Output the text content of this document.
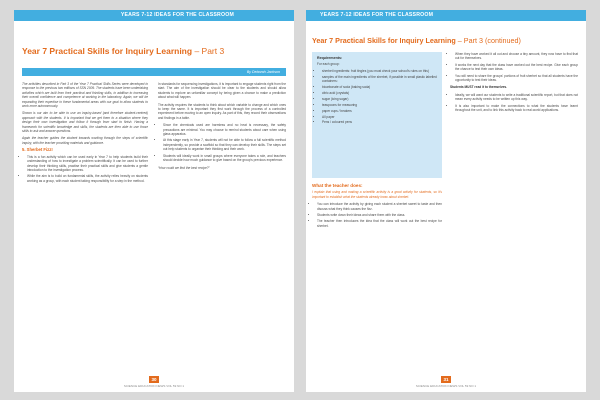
YEARS 7-12 IDEAS FOR THE CLASSROOM
Year 7 Practical Skills for Inquiry Learning – Part 3
By Deborah Jackson

The activities described in Part 3 of the Year 7 Practical Skills Series were developed in response to the previous two editions of SSN 2009. The students have been undertaking activities which are built from their practical and thinking skills, in addition to increasing their overall confidence and competence at working in the laboratory. Again, we will be expanding their expertise in these fundamental areas with our goal to allow students to work more autonomously.

Shown is our aim to be able to use an inquiry-based (and therefore student-centred) approach with the students. It is important that we get them to a situation where they design their own investigation and follow it through from start to finish. Having a framework for scientific knowledge and skills, the students are then able to use those skills to ask and answer questions.

Again the teacher guides the student towards working through the steps of scientific inquiry, with the teacher providing materials and guidance.

5. Sherbet Fizz!
• This is a fun activity which can be used early in Year 7 to help students build their understanding of how to investigate a problem scientifically. It can be used to further develop their thinking skills, practise their practical skills and give students a gentle introduction to the investigation process.
• While the aim is to build on fundamental skills, the activity relies heavily on students working as a group, with each student taking responsibility for a step in the method.

In standards for sequencing investigations, it is important to engage students right from the start. The aim of the investigation should be clear to the students and should allow students to explore an unfamiliar concept by being given a chance to make a prediction about what will happen.

The activity requires the students to think about which variable to change and which ones to keep the same. It is important they first work through the process of a controlled experiment before moving to an open inquiry. As part of this, they record their observations and findings in a table.

• Since the chemicals used are harmless and no heat is necessary, the safety precautions are minimal. You may choose to remind students about care when using glass apparatus.
• At this stage early in Year 7, students will not be able to follow a full scientific method independently, so provide a scaffold so that they can develop their skills. The steps set out help students to organise their thinking and their work.
• Students will ideally work in small groups where everyone takes a role, and teachers should decide how much guidance to give based on the group's previous experience.

“How could we find the best recipe?”

30
SCIENCE EDUCATION NEWS VOL 59 NO 1
YEARS 7-12 IDEAS FOR THE CLASSROOM
Year 7 Practical Skills for Inquiry Learning – Part 3 (continued)
Requirements:

For each group:

• sherbet ingredients: fruit tingles (you must check your school's rules on this)
• samples of the main ingredients of the sherbet, if possible in small plastic labelled containers:
• bicarbonate of soda (baking soda)
• citric acid (crystals)
• sugar (icing sugar)
• teaspoons for measuring
• paper cups / beakers
• All paper
• Pens / coloured pens
What the teacher does:

I explain that using and making a scientific activity is a good activity for students, so it's important to establish what the students already know about sherbet.

• You can introduce the activity by giving each student a sherbet sweet to taste and then discuss what they think causes the fizz.
• Students write down their ideas and share them with the class.
• The teacher then introduces the idea that the class will work out the best recipe for sherbet.
• When they have worked it all out and choose a tiny amount, they now have to find that out for themselves.
• It works the next day that the class have worked out the best recipe. Give each group the chance to test their own ideas.
• You will need to share the groups' portions of fruit sherbet so that all students have the opportunity to test their ideas.

Students MUST read it to themselves.

• Ideally, we will want our students to write a traditional scientific report, but that does not mean every activity needs to be written up this way.
• It is also important to make the connections to what the students have learnt throughout the unit, and to link this activity back to real-world applications.
31
SCIENCE EDUCATION NEWS VOL 59 NO 1
